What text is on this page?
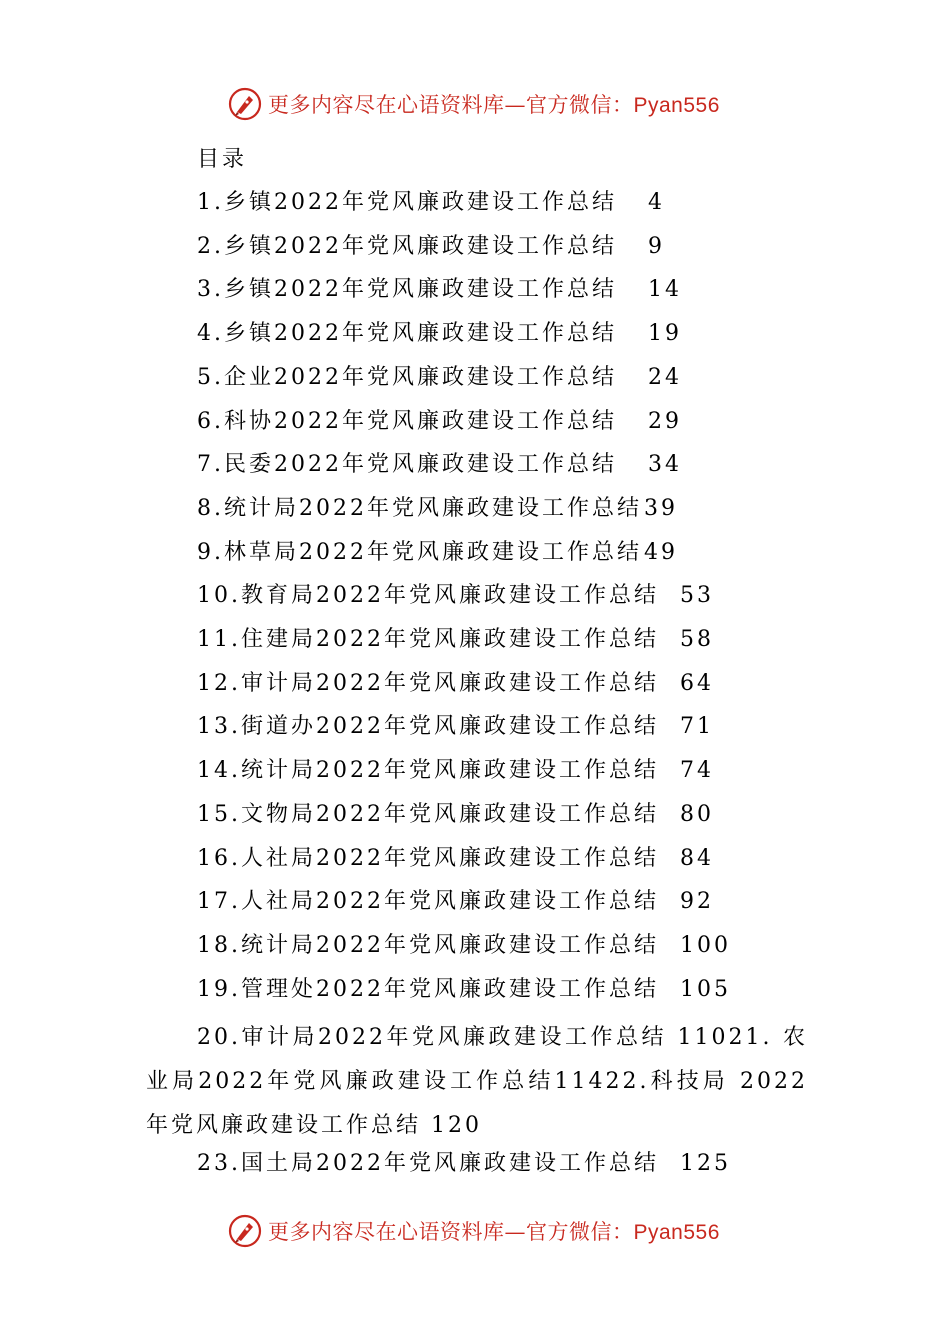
更多内容尽在心语资料库—官方微信：Pyan556
目录
1.乡镇2022年党风廉政建设工作总结 4
2.乡镇2022年党风廉政建设工作总结 9
3.乡镇2022年党风廉政建设工作总结 14
4.乡镇2022年党风廉政建设工作总结 19
5.企业2022年党风廉政建设工作总结 24
6.科协2022年党风廉政建设工作总结 29
7.民委2022年党风廉政建设工作总结 34
8.统计局2022年党风廉政建设工作总结39
9.林草局2022年党风廉政建设工作总结49
10.教育局2022年党风廉政建设工作总结 53
11.住建局2022年党风廉政建设工作总结 58
12.审计局2022年党风廉政建设工作总结 64
13.街道办2022年党风廉政建设工作总结 71
14.统计局2022年党风廉政建设工作总结 74
15.文物局2022年党风廉政建设工作总结 80
16.人社局2022年党风廉政建设工作总结 84
17.人社局2022年党风廉政建设工作总结 92
18.统计局2022年党风廉政建设工作总结 100
19.管理处2022年党风廉政建设工作总结 105
20.审计局2022年党风廉政建设工作总结 11021. 农业局2022年党风廉政建设工作总结11422.科技局 2022 年党风廉政建设工作总结 120
23.国土局2022年党风廉政建设工作总结 125
更多内容尽在心语资料库—官方微信：Pyan556
